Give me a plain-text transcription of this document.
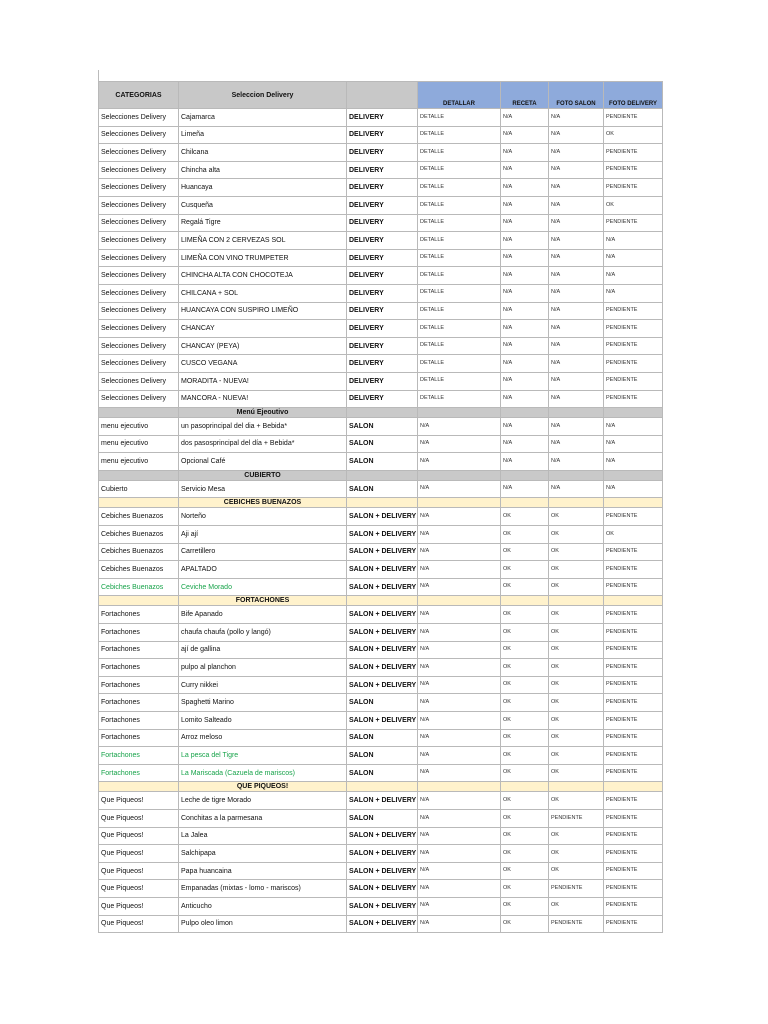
CATEGORIAS	Seleccion Delivery		DETALLAR	RECETA	FOTO SALON	FOTO DELIVERY
Selecciones Delivery	Cajamarca	DELIVERY	DETALLE	N/A	N/A	PENDIENTE
Selecciones Delivery	Limeña	DELIVERY	DETALLE	N/A	N/A	OK
Selecciones Delivery	Chilcana	DELIVERY	DETALLE	N/A	N/A	PENDIENTE
Selecciones Delivery	Chincha alta	DELIVERY	DETALLE	N/A	N/A	PENDIENTE
Selecciones Delivery	Huancaya	DELIVERY	DETALLE	N/A	N/A	PENDIENTE
Selecciones Delivery	Cusqueña	DELIVERY	DETALLE	N/A	N/A	OK
Selecciones Delivery	Regalá Tigre	DELIVERY	DETALLE	N/A	N/A	PENDIENTE
Selecciones Delivery	LIMEÑA CON 2 CERVEZAS SOL	DELIVERY	DETALLE	N/A	N/A	N/A
Selecciones Delivery	LIMEÑA CON VINO TRUMPETER	DELIVERY	DETALLE	N/A	N/A	N/A
Selecciones Delivery	CHINCHA ALTA CON CHOCOTEJA	DELIVERY	DETALLE	N/A	N/A	N/A
Selecciones Delivery	CHILCANA + SOL	DELIVERY	DETALLE	N/A	N/A	N/A
Selecciones Delivery	HUANCAYA CON SUSPIRO LIMEÑO	DELIVERY	DETALLE	N/A	N/A	PENDIENTE
Selecciones Delivery	CHANCAY	DELIVERY	DETALLE	N/A	N/A	PENDIENTE
Selecciones Delivery	CHANCAY (PEYA)	DELIVERY	DETALLE	N/A	N/A	PENDIENTE
Selecciones Delivery	CUSCO VEGANA	DELIVERY	DETALLE	N/A	N/A	PENDIENTE
Selecciones Delivery	MORADITA - NUEVA!	DELIVERY	DETALLE	N/A	N/A	PENDIENTE
Selecciones Delivery	MANCORA - NUEVA!	DELIVERY	DETALLE	N/A	N/A	PENDIENTE
	Menú Ejeoutivo					
menu ejecutivo	un pasoprincipal del dia + Bebida*	SALON	N/A	N/A	N/A	N/A
menu ejecutivo	dos pasosprincipal del día + Bebida*	SALON	N/A	N/A	N/A	N/A
menu ejecutivo	Opcional Café	SALON	N/A	N/A	N/A	N/A
	CUBIERTO					
Cubierto	Servicio Mesa	SALON	N/A	N/A	N/A	N/A
	CEBICHES BUENAZOS					
Cebiches Buenazos	Norteño	SALON + DELIVERY	N/A	OK	OK	PENDIENTE
Cebiches Buenazos	Aji ají	SALON + DELIVERY	N/A	OK	OK	OK
Cebiches Buenazos	Carretillero	SALON + DELIVERY	N/A	OK	OK	PENDIENTE
Cebiches Buenazos	APALTADO	SALON + DELIVERY	N/A	OK	OK	PENDIENTE
Cebiches Buenazos	Ceviche Morado	SALON + DELIVERY	N/A	OK	OK	PENDIENTE
	FORTACHONES					
Fortachones	Bife Apanado	SALON + DELIVERY	N/A	OK	OK	PENDIENTE
Fortachones	chaufa chaufa (pollo y langó)	SALON + DELIVERY	N/A	OK	OK	PENDIENTE
Fortachones	ají de gallina	SALON + DELIVERY	N/A	OK	OK	PENDIENTE
Fortachones	pulpo al planchon	SALON + DELIVERY	N/A	OK	OK	PENDIENTE
Fortachones	Curry nikkei	SALON + DELIVERY	N/A	OK	OK	PENDIENTE
Fortachones	Spaghetti Marino	SALON	N/A	OK	OK	PENDIENTE
Fortachones	Lomito Salteado	SALON + DELIVERY	N/A	OK	OK	PENDIENTE
Fortachones	Arroz meloso	SALON	N/A	OK	OK	PENDIENTE
Fortachones	La pesca del Tigre	SALON	N/A	OK	OK	PENDIENTE
Fortachones	La Mariscada (Cazuela de mariscos)	SALON	N/A	OK	OK	PENDIENTE
	QUE PIQUEOS!					
Que Piqueos!	Leche de tigre Morado	SALON + DELIVERY	N/A	OK	OK	PENDIENTE
Que Piqueos!	Conchitas a la parmesana	SALON	N/A	OK	PENDIENTE	PENDIENTE
Que Piqueos!	La Jalea	SALON + DELIVERY	N/A	OK	OK	PENDIENTE
Que Piqueos!	Salchipapa	SALON + DELIVERY	N/A	OK	OK	PENDIENTE
Que Piqueos!	Papa huancaina	SALON + DELIVERY	N/A	OK	OK	PENDIENTE
Que Piqueos!	Empanadas (mixtas - lomo - mariscos)	SALON + DELIVERY	N/A	OK	PENDIENTE	PENDIENTE
Que Piqueos!	Anticucho	SALON + DELIVERY	N/A	OK	OK	PENDIENTE
Que Piqueos!	Pulpo oleo limon	SALON + DELIVERY	N/A	OK	PENDIENTE	PENDIENTE
